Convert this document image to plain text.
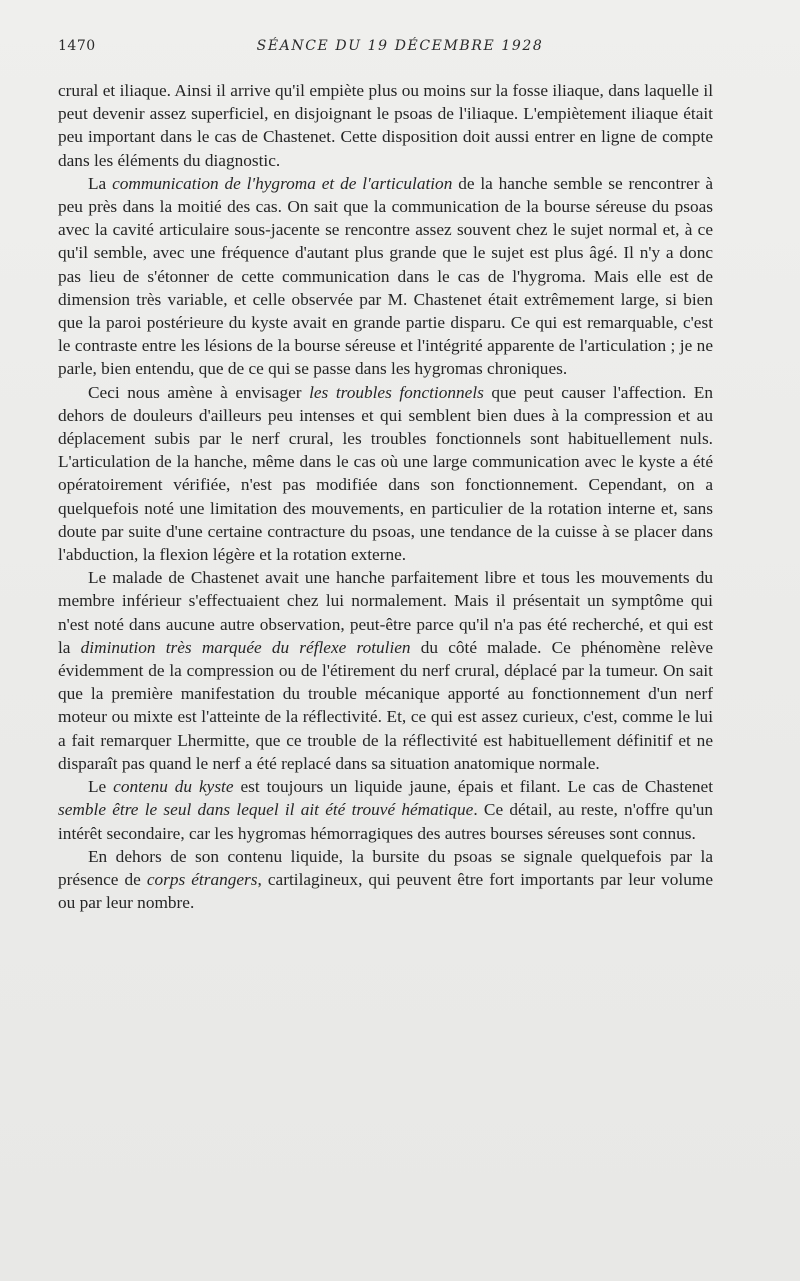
1470	SÉANCE DU 19 DÉCEMBRE 1928

crural et iliaque. Ainsi il arrive qu'il empiète plus ou moins sur la fosse iliaque, dans laquelle il peut devenir assez superficiel, en disjoignant le psoas de l'iliaque. L'empiètement iliaque était peu important dans le cas de Chastenet. Cette disposition doit aussi entrer en ligne de compte dans les éléments du diagnostic.

La communication de l'hygroma et de l'articulation de la hanche semble se rencontrer à peu près dans la moitié des cas. On sait que la communication de la bourse séreuse du psoas avec la cavité articulaire sous-jacente se rencontre assez souvent chez le sujet normal et, à ce qu'il semble, avec une fréquence d'autant plus grande que le sujet est plus âgé. Il n'y a donc pas lieu de s'étonner de cette communication dans le cas de l'hygroma. Mais elle est de dimension très variable, et celle observée par M. Chastenet était extrêmement large, si bien que la paroi postérieure du kyste avait en grande partie disparu. Ce qui est remarquable, c'est le contraste entre les lésions de la bourse séreuse et l'intégrité apparente de l'articulation ; je ne parle, bien entendu, que de ce qui se passe dans les hygromas chroniques.

Ceci nous amène à envisager les troubles fonctionnels que peut causer l'affection. En dehors de douleurs d'ailleurs peu intenses et qui semblent bien dues à la compression et au déplacement subis par le nerf crural, les troubles fonctionnels sont habituellement nuls. L'articulation de la hanche, même dans le cas où une large communication avec le kyste a été opératoirement vérifiée, n'est pas modifiée dans son fonctionnement. Cependant, on a quelquefois noté une limitation des mouvements, en particulier de la rotation interne et, sans doute par suite d'une certaine contracture du psoas, une tendance de la cuisse à se placer dans l'abduction, la flexion légère et la rotation externe.

Le malade de Chastenet avait une hanche parfaitement libre et tous les mouvements du membre inférieur s'effectuaient chez lui normalement. Mais il présentait un symptôme qui n'est noté dans aucune autre observation, peut-être parce qu'il n'a pas été recherché, et qui est la diminution très marquée du réflexe rotulien du côté malade. Ce phénomène relève évidemment de la compression ou de l'étirement du nerf crural, déplacé par la tumeur. On sait que la première manifestation du trouble mécanique apporté au fonctionnement d'un nerf moteur ou mixte est l'atteinte de la réflectivité. Et, ce qui est assez curieux, c'est, comme le lui a fait remarquer Lhermitte, que ce trouble de la réflectivité est habituellement définitif et ne disparaît pas quand le nerf a été replacé dans sa situation anatomique normale.

Le contenu du kyste est toujours un liquide jaune, épais et filant. Le cas de Chastenet semble être le seul dans lequel il ait été trouvé hématique. Ce détail, au reste, n'offre qu'un intérêt secondaire, car les hygromas hémorragiques des autres bourses séreuses sont connus.

En dehors de son contenu liquide, la bursite du psoas se signale quelquefois par la présence de corps étrangers, cartilagineux, qui peuvent être fort importants par leur volume ou par leur nombre.
